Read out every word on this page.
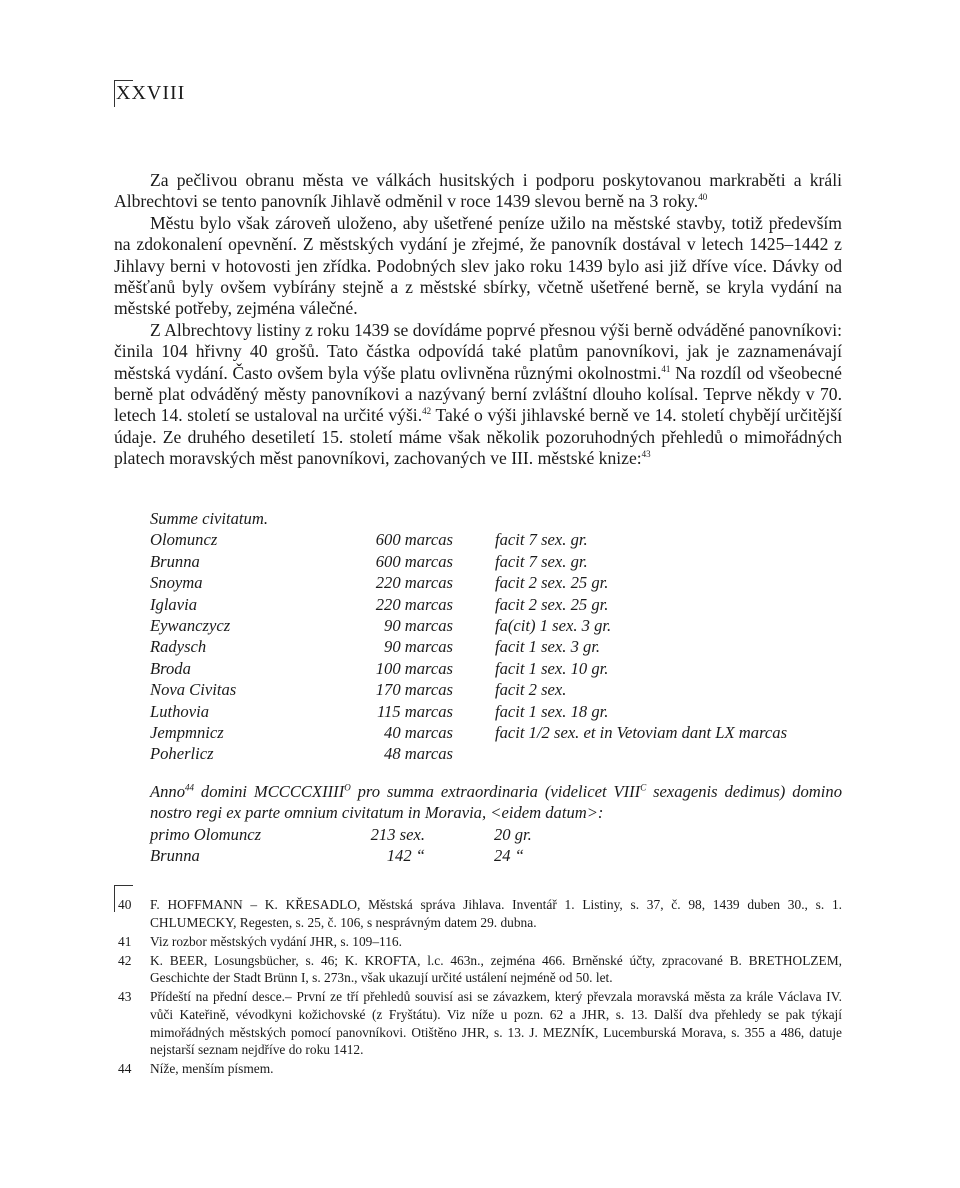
XXVIII

Za pečlivou obranu města ve válkách husitských i podporu poskytovanou markraběti a králi Albrechtovi se tento panovník Jihlavě odměnil v roce 1439 slevou berně na 3 roky.$^{40}$

Městu bylo však zároveň uloženo, aby ušetřené peníze užilo na městské stavby, totiž především na zdokonalení opevnění. Z městských vydání je zřejmé, že panovník dostával v letech 1425–1442 z Jihlavy berni v hotovosti jen zřídka. Podobných slev jako roku 1439 bylo asi již dříve více. Dávky od měšťanů byly ovšem vybírány stejně a z městské sbírky, včetně ušetřené berně, se kryla vydání na městské potřeby, zejména válečné.

Z Albrechtovy listiny z roku 1439 se dovídáme poprvé přesnou výši berně odváděné panovníkovi: činila 104 hřivny 40 grošů. Tato částka odpovídá také platům panovníkovi, jak je zaznamenávají městská vydání. Často ovšem byla výše platu ovlivněna různými okolnostmi.$^{41}$ Na rozdíl od všeobecné berně plat odváděný městy panovníkovi a nazývaný berní zvláštní dlouho kolísal. Teprve někdy v 70. letech 14. století se ustaloval na určité výši.$^{42}$ Také o výši jihlavské berně ve 14. století chybějí určitější údaje. Ze druhého desetiletí 15. století máme však několik pozoruhodných přehledů o mimořádných platech moravských měst panovníkovi, zachovaných ve III. městské knize:$^{43}$

Summe civitatum.
Olomuncz	600 marcas	facit 7 sex. gr.
Brunna	600 marcas	facit 7 sex. gr.
Snoyma	220 marcas	facit 2 sex. 25 gr.
Iglavia	220 marcas	facit 2 sex. 25 gr.
Eywanczycz	90 marcas	fa(cit) 1 sex. 3 gr.
Radysch	90 marcas	facit 1 sex. 3 gr.
Broda	100 marcas	facit 1 sex. 10 gr.
Nova Civitas	170 marcas	facit 2 sex.
Luthovia	115 marcas	facit 1 sex. 18 gr.
Jempmnicz	40 marcas	facit 1/2 sex. et in Vetoviam dant LX marcas
Poherlicz	48 marcas
Anno$^{44}$ domini MCCCCXIIII$^O$ pro summa extraordinaria (videlicet VIII$^C$ sexagenis dedimus) domino nostro regi ex parte omnium civitatum in Moravia, <eidem datum>:
primo Olomuncz	213 sex.	20 gr.
Brunna	142 “	24 “
40	F. HOFFMANN – K. KŘESADLO, Městská správa Jihlava. Inventář 1. Listiny, s. 37, č. 98, 1439 duben 30., s. 1. CHLUMECKY, Regesten, s. 25, č. 106, s nesprávným datem 29. dubna.
41	Viz rozbor městských vydání JHR, s. 109–116.
42	K. BEER, Losungsbücher, s. 46; K. KROFTA, l.c. 463n., zejména 466. Brněnské účty, zpracované B. BRETHOLZEM, Geschichte der Stadt Brünn I, s. 273n., však ukazují určité ustálení nejméně od 50. let.
43	Přídeští na přední desce.– První ze tří přehledů souvisí asi se závazkem, který převzala moravská města za krále Václava IV. vůči Kateřině, vévodkyni kožichovské (z Fryštátu). Viz níže u pozn. 62 a JHR, s. 13. Další dva přehledy se pak týkají mimořádných městských pomocí panovníkovi. Otištěno JHR, s. 13. J. MEZNÍK, Lucemburská Morava, s. 355 a 486, datuje nejstarší seznam nejdříve do roku 1412.
44	Níže, menším písmem.
